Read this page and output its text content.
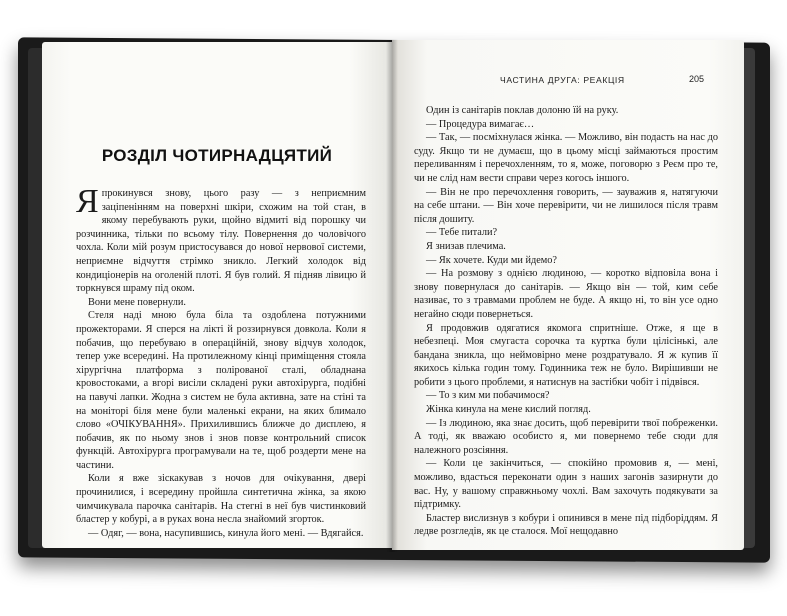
РОЗДІЛ ЧОТИРНАДЦЯТИЙ

Япрокинувся знову, цього разу — з неприємним заціпенінням на поверхні шкіри, схожим на той стан, в якому перебувають руки, щойно відмиті від порошку чи розчинника, тільки по всьому тілу. Повернення до чоловічого чохла. Коли мій розум пристосувався до нової нервової системи, неприємне відчуття стрімко зникло. Легкий холодок від кондиціонерів на оголеній плоті. Я був голий. Я підняв лівицю й торкнувся шраму під оком.

Вони мене повернули.

Стеля наді мною була біла та оздоблена потужними прожекторами. Я сперся на лікті й роззирнувся довкола. Коли я побачив, що перебуваю в операційній, знову відчув холодок, тепер уже всередині. На протилежному кінці приміщення стояла хірургічна платформа з полірованої сталі, обладнана кровостоками, а вгорі висіли складені руки автохірурга, подібні на павучі лапки. Жодна з систем не була активна, зате на стіні та на моніторі біля мене були маленькі екрани, на яких блимало слово «ОЧІКУВАННЯ». Прихилившись ближче до дисплею, я побачив, як по ньому знов і знов повзе контрольний список функцій. Автохірурга програмували на те, щоб роздерти мене на частини.

Коли я вже зіскакував з ночов для очікування, двері прочинилися, і всередину пройшла синтетична жінка, за якою чимчикувала парочка санітарів. На стегні в неї був чистинковий бластер у кобурі, а в руках вона несла знайомий згорток.

— Одяг, — вона, насупившись, кинула його мені. — Вдягайся.

ЧАСТИНА ДРУГА: РЕАКЦІЯ	205

Один із санітарів поклав долоню їй на руку.

— Процедура вимагає…

— Так, — посміхнулася жінка. — Можливо, він подасть на нас до суду. Якщо ти не думаєш, що в цьому місці займаються простим переливанням і перечохленням, то я, може, поговорю з Реєм про те, чи не слід нам вести справи через когось іншого.

— Він не про перечохлення говорить, — зауважив я, натягуючи на себе штани. — Він хоче перевірити, чи не лишилося після травм після дошиту.

— Тебе питали?

Я знизав плечима.

— Як хочете. Куди ми йдемо?

— На розмову з однією людиною, — коротко відповіла вона і знову повернулася до санітарів. — Якщо він — той, ким себе називає, то з травмами проблем не буде. А якщо ні, то він усе одно негайно сюди повернеться.

Я продовжив одягатися якомога спритніше. Отже, я ще в небезпеці. Моя смугаста сорочка та куртка були цілісінькі, але бандана зникла, що неймовірно мене роздратувало. Я ж купив її якихось кілька годин тому. Годинника теж не було. Вирішивши не робити з цього проблеми, я натиснув на застібки чобіт і підвівся.

— То з ким ми побачимося?

Жінка кинула на мене кислий погляд.

— Із людиною, яка знає досить, щоб перевірити твої побреженки. А тоді, як вважаю особисто я, ми повернемо тебе сюди для належного розсіяння.

— Коли це закінчиться, — спокійно промовив я, — мені, можливо, вдасться переконати один з наших загонів зазирнути до вас. Ну, у вашому справжньому чохлі. Вам захочуть подякувати за підтримку.

Бластер вислизнув з кобури і опинився в мене під підборіддям. Я ледве розгледів, як це сталося. Мої нещодавно
